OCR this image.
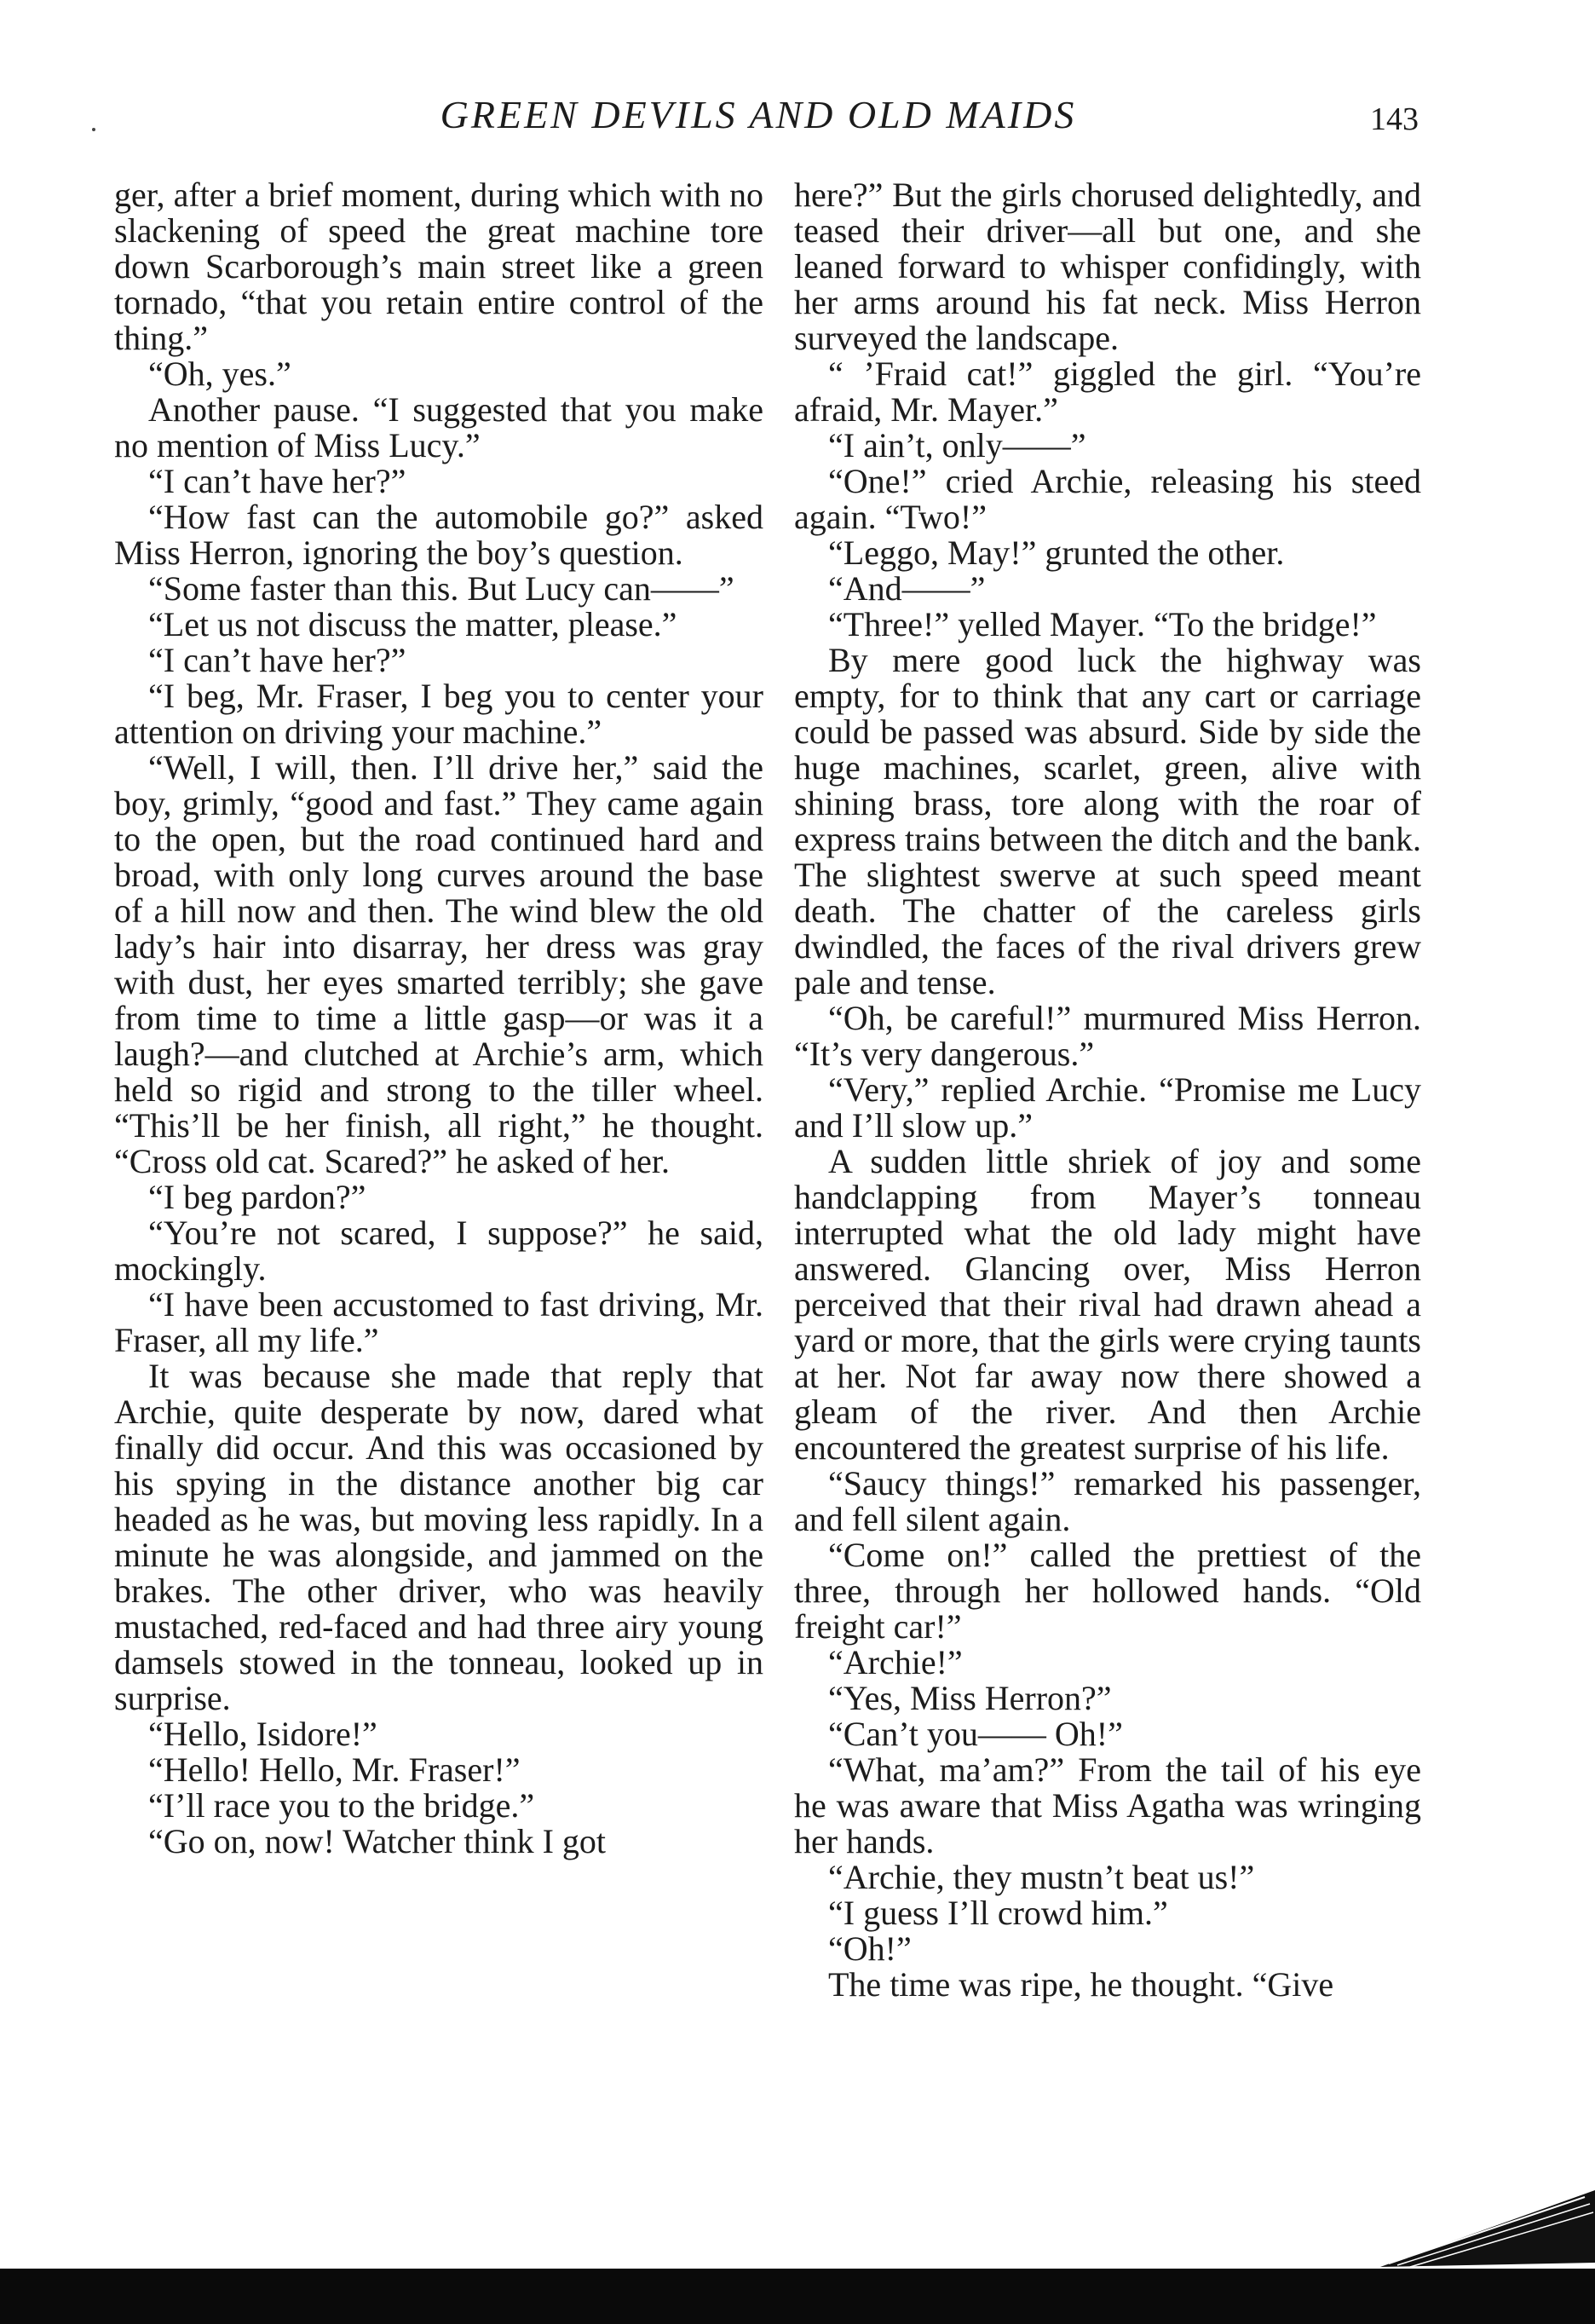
GREEN DEVILS AND OLD MAIDS	143

ger, after a brief moment, during which with no slackening of speed the great machine tore down Scarborough’s main street like a green tornado, “that you retain entire control of the thing.”

“Oh, yes.”

Another pause. “I suggested that you make no mention of Miss Lucy.”

“I can’t have her?”

“How fast can the automobile go?” asked Miss Herron, ignoring the boy’s question.

“Some faster than this. But Lucy can——”

“Let us not discuss the matter, please.”

“I can’t have her?”

“I beg, Mr. Fraser, I beg you to center your attention on driving your machine.”

“Well, I will, then. I’ll drive her,” said the boy, grimly, “good and fast.” They came again to the open, but the road continued hard and broad, with only long curves around the base of a hill now and then. The wind blew the old lady’s hair into disarray, her dress was gray with dust, her eyes smarted terribly; she gave from time to time a little gasp—or was it a laugh?—and clutched at Archie’s arm, which held so rigid and strong to the tiller wheel. “This’ll be her finish, all right,” he thought. “Cross old cat. Scared?” he asked of her.

“I beg pardon?”

“You’re not scared, I suppose?” he said, mockingly.

“I have been accustomed to fast driving, Mr. Fraser, all my life.”

It was because she made that reply that Archie, quite desperate by now, dared what finally did occur. And this was occasioned by his spying in the distance another big car headed as he was, but moving less rapidly. In a minute he was alongside, and jammed on the brakes. The other driver, who was heavily mustached, red-faced and had three airy young damsels stowed in the tonneau, looked up in surprise.

“Hello, Isidore!”

“Hello! Hello, Mr. Fraser!”

“I’ll race you to the bridge.”

“Go on, now! Watcher think I got

here?” But the girls chorused delightedly, and teased their driver—all but one, and she leaned forward to whisper confidingly, with her arms around his fat neck. Miss Herron surveyed the landscape.

“ ’Fraid cat!” giggled the girl. “You’re afraid, Mr. Mayer.”

“I ain’t, only——”

“One!” cried Archie, releasing his steed again. “Two!”

“Leggo, May!” grunted the other.

“And——”

“Three!” yelled Mayer. “To the bridge!”

By mere good luck the highway was empty, for to think that any cart or carriage could be passed was absurd. Side by side the huge machines, scarlet, green, alive with shining brass, tore along with the roar of express trains between the ditch and the bank. The slightest swerve at such speed meant death. The chatter of the careless girls dwindled, the faces of the rival drivers grew pale and tense.

“Oh, be careful!” murmured Miss Herron. “It’s very dangerous.”

“Very,” replied Archie. “Promise me Lucy and I’ll slow up.”

A sudden little shriek of joy and some handclapping from Mayer’s tonneau interrupted what the old lady might have answered. Glancing over, Miss Herron perceived that their rival had drawn ahead a yard or more, that the girls were crying taunts at her. Not far away now there showed a gleam of the river. And then Archie encountered the greatest surprise of his life.

“Saucy things!” remarked his passenger, and fell silent again.

“Come on!” called the prettiest of the three, through her hollowed hands. “Old freight car!”

“Archie!”

“Yes, Miss Herron?”

“Can’t you—— Oh!”

“What, ma’am?” From the tail of his eye he was aware that Miss Agatha was wringing her hands.

“Archie, they mustn’t beat us!”

“I guess I’ll crowd him.”

“Oh!”

The time was ripe, he thought. “Give
